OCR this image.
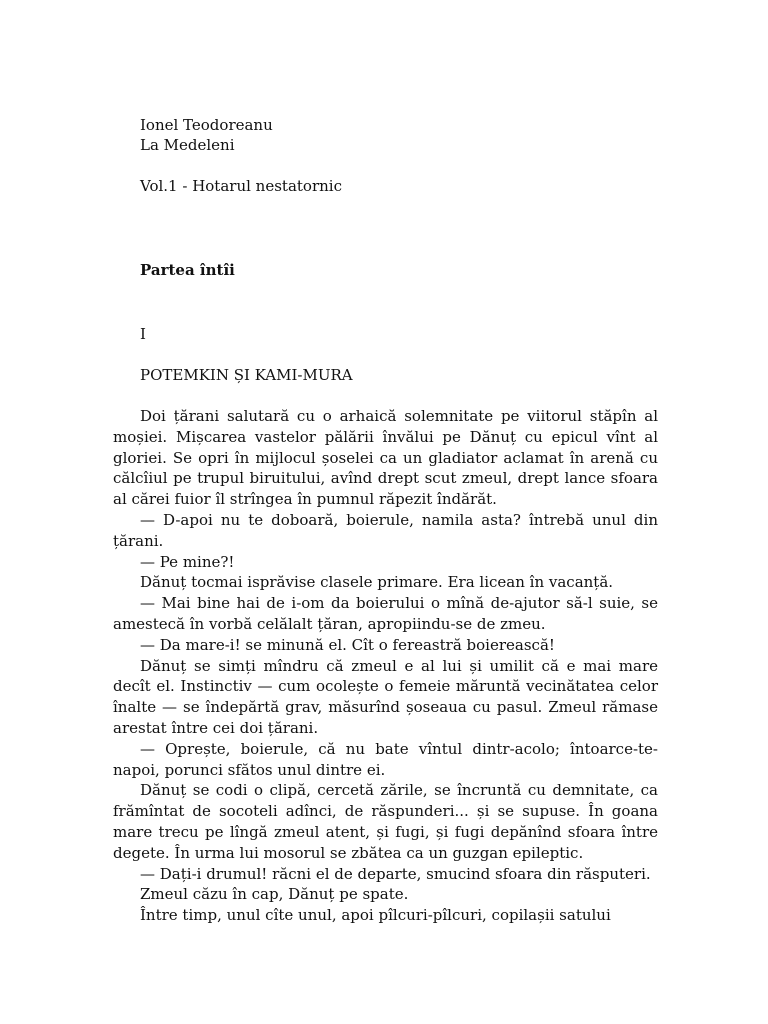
Ionel Teodoreanu
La Medeleni
Vol.1 - Hotarul nestatornic
Partea întîi
I
POTEMKIN ȘI KAMI-MURA

Doi țărani salutară cu o arhaică solemnitate pe viitorul stăpîn al moșiei. Mișcarea vastelor pălării învălui pe Dănuț cu epicul vînt al gloriei. Se opri în mijlocul șoselei ca un gladiator aclamat în arenă cu călcîiul pe trupul biruitului, avînd drept scut zmeul, drept lance sfoara al cărei fuior îl strîngea în pumnul răpezit îndărăt.

— D-apoi nu te doboară, boierule, namila asta? întrebă unul din țărani.

— Pe mine?!

Dănuț tocmai isprăvise clasele primare. Era licean în vacanță.

— Mai bine hai de i-om da boierului o mînă de-ajutor să-l suie, se amestecă în vorbă celălalt țăran, apropiindu-se de zmeu.

— Da mare-i! se minună el. Cît o fereastră boierească!

Dănuț se simți mîndru că zmeul e al lui și umilit că e mai mare decît el. Instinctiv — cum ocolește o femeie măruntă vecinătatea celor înalte — se îndepărtă grav, măsurînd șoseaua cu pasul. Zmeul rămase arestat între cei doi țărani.

— Oprește, boierule, că nu bate vîntul dintr-acolo; întoarce-te-napoi, porunci sfătos unul dintre ei.

Dănuț se codi o clipă, cercetă zările, se încruntă cu demnitate, ca frămîntat de socoteli adînci, de răspunderi... și se supuse. În goana mare trecu pe lîngă zmeul atent, și fugi, și fugi depănînd sfoara între degete. În urma lui mosorul se zbătea ca un guzgan epileptic.

— Dați-i drumul! răcni el de departe, smucind sfoara din răsputeri.

Zmeul căzu în cap, Dănuț pe spate.

Între timp, unul cîte unul, apoi pîlcuri-pîlcuri, copilașii satului
